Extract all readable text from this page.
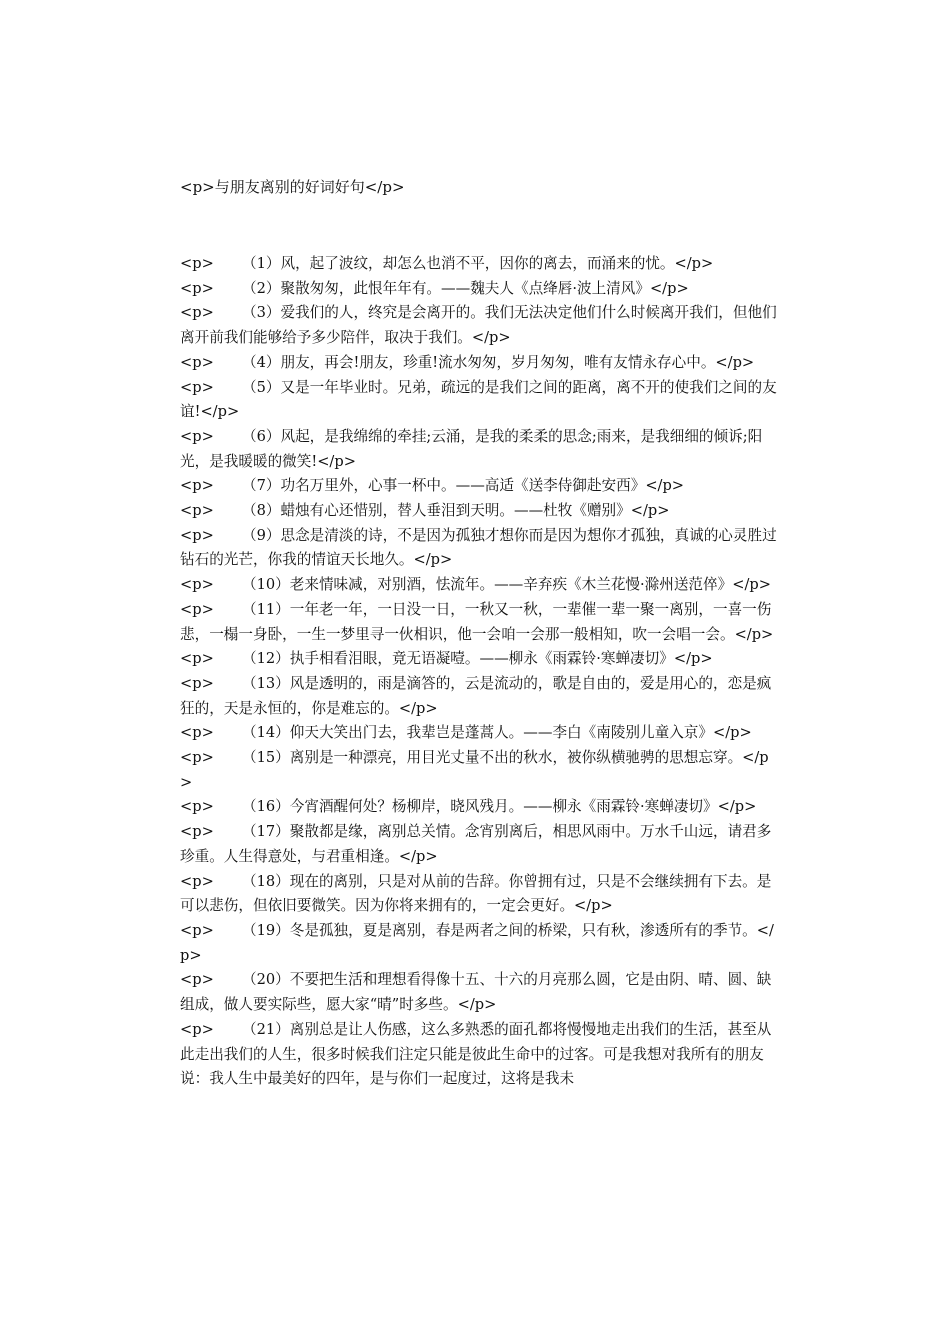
<p>与朋友离别的好词好句</p>

<p> （1）风，起了波纹，却怎么也消不平，因你的离去，而涌来的忧。</p>

<p> （2）聚散匆匆，此恨年年有。——魏夫人《点绛唇·波上清风》</p>

<p> （3）爱我们的人，终究是会离开的。我们无法决定他们什么时候离开我们，但他们离开前我们能够给予多少陪伴，取决于我们。</p>

<p> （4）朋友，再会!朋友，珍重!流水匆匆，岁月匆匆，唯有友情永存心中。</p>

<p> （5）又是一年毕业时。兄弟，疏远的是我们之间的距离，离不开的使我们之间的友谊!</p>

<p> （6）风起，是我绵绵的牵挂;云涌，是我的柔柔的思念;雨来，是我细细的倾诉;阳光，是我暖暖的微笑!</p>

<p> （7）功名万里外，心事一杯中。——高适《送李侍御赴安西》</p>

<p> （8）蜡烛有心还惜别，替人垂泪到天明。——杜牧《赠别》</p>

<p> （9）思念是清淡的诗，不是因为孤独才想你而是因为想你才孤独，真诚的心灵胜过钻石的光芒，你我的情谊天长地久。</p>

<p> （10）老来情味减，对别酒，怯流年。——辛弃疾《木兰花慢·滁州送范倅》</p>

<p> （11）一年老一年，一日没一日，一秋又一秋，一辈催一辈一聚一离别，一喜一伤悲，一榻一身卧，一生一梦里寻一伙相识，他一会咱一会那一般相知，吹一会唱一会。</p>

<p> （12）执手相看泪眼，竟无语凝噎。——柳永《雨霖铃·寒蝉凄切》</p>

<p> （13）风是透明的，雨是滴答的，云是流动的，歌是自由的，爱是用心的，恋是疯狂的，天是永恒的，你是难忘的。</p>

<p> （14）仰天大笑出门去，我辈岂是蓬蒿人。——李白《南陵别儿童入京》</p>

<p> （15）离别是一种漂亮，用目光丈量不出的秋水，被你纵横驰骋的思想忘穿。</p>

<p> （16）今宵酒醒何处？杨柳岸，晓风残月。——柳永《雨霖铃·寒蝉凄切》</p>

<p> （17）聚散都是缘，离别总关情。念宵别离后，相思风雨中。万水千山远，请君多珍重。人生得意处，与君重相逢。</p>

<p> （18）现在的离别，只是对从前的告辞。你曾拥有过，只是不会继续拥有下去。是可以悲伤，但依旧要微笑。因为你将来拥有的，一定会更好。</p>

<p> （19）冬是孤独，夏是离别，春是两者之间的桥梁，只有秋，渗透所有的季节。</p>

<p> （20）不要把生活和理想看得像十五、十六的月亮那么圆，它是由阴、晴、圆、缺组成，做人要实际些，愿大家“晴”时多些。</p>

<p> （21）离别总是让人伤感，这么多熟悉的面孔都将慢慢地走出我们的生活，甚至从此走出我们的人生，很多时候我们注定只能是彼此生命中的过客。可是我想对我所有的朋友说：我人生中最美好的四年，是与你们一起度过，这将是我未
